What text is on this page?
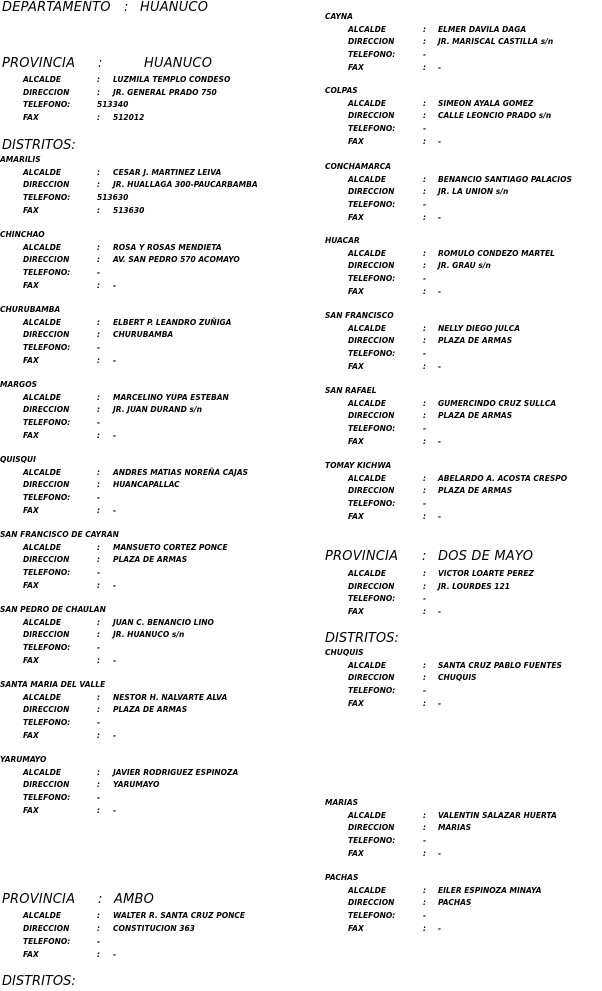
DEPARTAMENTO : HUANUCO
PROVINCIA :	HUANUCO
ALCALDE	: LUZMILA TEMPLO CONDESO
DIRECCION	: JR. GENERAL PRADO 750
TELEFONO:	513340
FAX	: 512012
DISTRITOS:
AMARILIS
ALCALDE	: CESAR J. MARTINEZ LEIVA
DIRECCION	: JR. HUALLAGA 300-PAUCARBAMBA
TELEFONO:	513630
FAX	: 513630
CHINCHAO
ALCALDE	: ROSA Y ROSAS MENDIETA
DIRECCION	: AV. SAN PEDRO 570 ACOMAYO
TELEFONO:	-
FAX	: -
CHURUBAMBA
ALCALDE	: ELBERT P. LEANDRO ZUÑIGA
DIRECCION	: CHURUBAMBA
TELEFONO:	-
FAX	: -
MARGOS
ALCALDE	: MARCELINO YUPA ESTEBAN
DIRECCION	: JR. JUAN DURAND s/n
TELEFONO:	-
FAX	: -
QUISQUI
ALCALDE	: ANDRES MATIAS NOREÑA CAJAS
DIRECCION	: HUANCAPALLAC
TELEFONO:	-
FAX	: -
SAN FRANCISCO DE CAYRAN
ALCALDE	: MANSUETO CORTEZ PONCE
DIRECCION	: PLAZA DE ARMAS
TELEFONO:	-
FAX	: -
SAN PEDRO DE CHAULAN
ALCALDE	: JUAN C. BENANCIO LINO
DIRECCION	: JR. HUANUCO s/n
TELEFONO:	-
FAX	: -
SANTA MARIA DEL VALLE
ALCALDE	: NESTOR H. NALVARTE ALVA
DIRECCION	: PLAZA DE ARMAS
TELEFONO:	-
FAX	: -
YARUMAYO
ALCALDE	: JAVIER RODRIGUEZ ESPINOZA
DIRECCION	: YARUMAYO
TELEFONO:	-
FAX	: -
PROVINCIA : AMBO
ALCALDE	: WALTER R. SANTA CRUZ PONCE
DIRECCION	: CONSTITUCION 363
TELEFONO:	-
FAX	: -
DISTRITOS:
CAYNA
ALCALDE	: ELMER DAVILA DAGA
DIRECCION	: JR. MARISCAL CASTILLA s/n
TELEFONO:	-
FAX	: -
COLPAS
ALCALDE	: SIMEON AYALA GOMEZ
DIRECCION	: CALLE LEONCIO PRADO s/n
TELEFONO:	-
FAX	: -
CONCHAMARCA
ALCALDE	: BENANCIO SANTIAGO PALACIOS
DIRECCION	: JR. LA UNION s/n
TELEFONO:	-
FAX	: -
HUACAR
ALCALDE	: ROMULO CONDEZO MARTEL
DIRECCION	: JR. GRAU s/n
TELEFONO:	-
FAX	: -
SAN FRANCISCO
ALCALDE	: NELLY DIEGO JULCA
DIRECCION	: PLAZA DE ARMAS
TELEFONO:	-
FAX	: -
SAN RAFAEL
ALCALDE	: GUMERCINDO CRUZ SULLCA
DIRECCION	: PLAZA DE ARMAS
TELEFONO:	-
FAX	: -
TOMAY KICHWA
ALCALDE	: ABELARDO A. ACOSTA CRESPO
DIRECCION	: PLAZA DE ARMAS
TELEFONO:	-
FAX	: -
PROVINCIA : DOS DE MAYO
ALCALDE	: VICTOR LOARTE PEREZ
DIRECCION	: JR. LOURDES 121
TELEFONO:	-
FAX	: -
DISTRITOS:
CHUQUIS
ALCALDE	: SANTA CRUZ PABLO FUENTES
DIRECCION	: CHUQUIS
TELEFONO:	-
FAX	: -
MARIAS
ALCALDE	: VALENTIN SALAZAR HUERTA
DIRECCION	: MARIAS
TELEFONO:	-
FAX	: -
PACHAS
ALCALDE	: EILER ESPINOZA MINAYA
DIRECCION	: PACHAS
TELEFONO:	-
FAX	: -
